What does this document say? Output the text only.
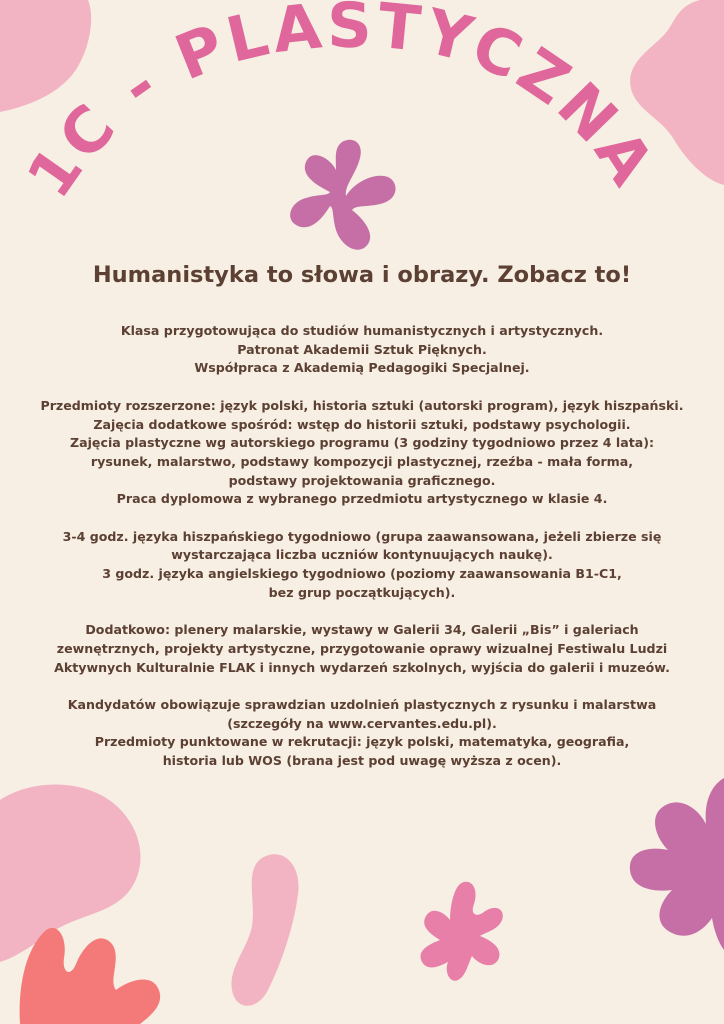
1C - PLASTYCZNA
Humanistyka to słowa i obrazy. Zobacz to!
Klasa przygotowująca do studiów humanistycznych i artystycznych.
Patronat Akademii Sztuk Pięknych.
Współpraca z Akademią Pedagogiki Specjalnej.
Przedmioty rozszerzone: język polski, historia sztuki (autorski program), język hiszpański.
Zajęcia dodatkowe spośród: wstęp do historii sztuki, podstawy psychologii.
Zajęcia plastyczne wg autorskiego programu (3 godziny tygodniowo przez 4 lata):
rysunek, malarstwo, podstawy kompozycji plastycznej, rzeźba - mała forma,
podstawy projektowania graficznego.
Praca dyplomowa z wybranego przedmiotu artystycznego w klasie 4.
3-4 godz. języka hiszpańskiego tygodniowo (grupa zaawansowana, jeżeli zbierze się
wystarczająca liczba uczniów kontynuujących naukę).
3 godz. języka angielskiego tygodniowo (poziomy zaawansowania B1-C1,
bez grup początkujących).
Dodatkowo: plenery malarskie, wystawy w Galerii 34, Galerii „Bis” i galeriach
zewnętrznych, projekty artystyczne, przygotowanie oprawy wizualnej Festiwalu Ludzi
Aktywnych Kulturalnie FLAK i innych wydarzeń szkolnych, wyjścia do galerii i muzeów.
Kandydatów obowiązuje sprawdzian uzdolnień plastycznych z rysunku i malarstwa
(szczegóły na www.cervantes.edu.pl).
Przedmioty punktowane w rekrutacji: język polski, matematyka, geografia,
historia lub WOS (brana jest pod uwagę wyższa z ocen).
